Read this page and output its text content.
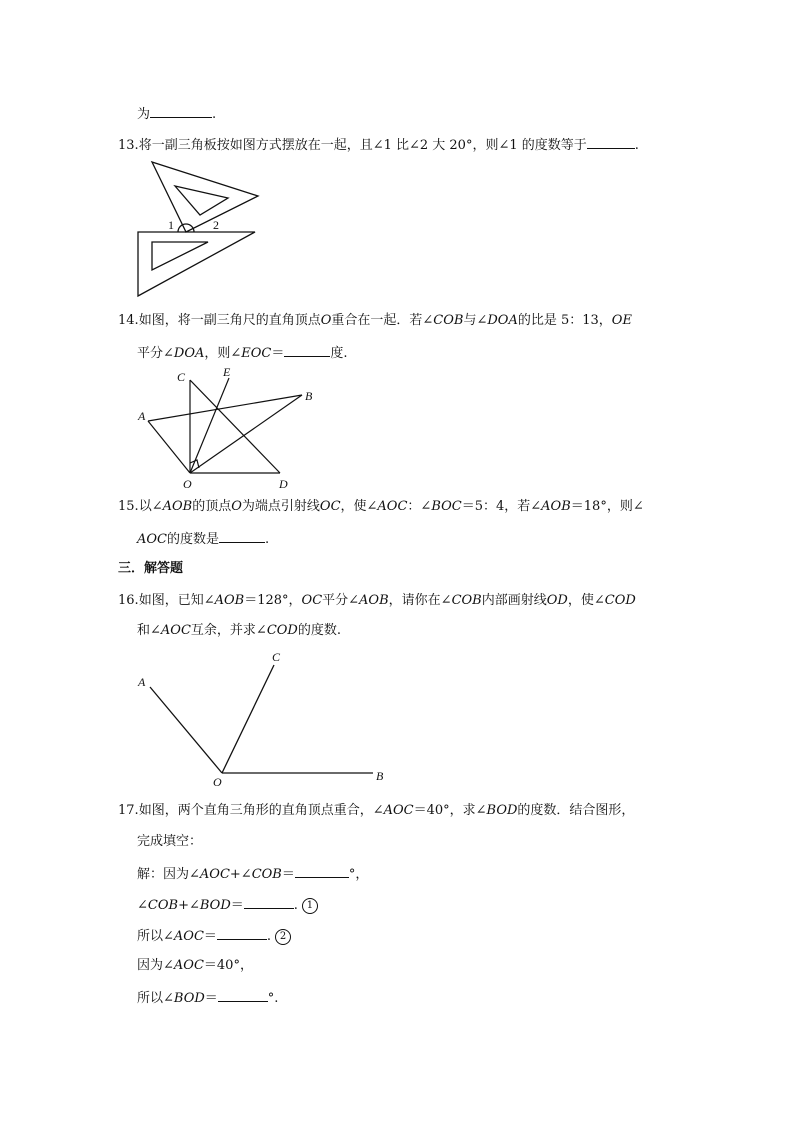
为	.
13.将一副三角板按如图方式摆放在一起，且∠1 比∠2 大 20°，则∠1 的度数等于	.
1	2
14.如图，将一副三角尺的直角顶点O重合在一起．若∠COB与∠DOA的比是 5：13，OE
平分∠DOA，则∠EOC＝	度.
C	E
A
B
O	D
15.以∠AOB的顶点O为端点引射线OC，使∠AOC：∠BOC＝5：4，若∠AOB＝18°，则∠
AOC的度数是	.
三．解答题
16.如图，已知∠AOB＝128°，OC平分∠AOB，请你在∠COB内部画射线OD，使∠COD
和∠AOC互余，并求∠COD的度数.
A
C
O	B
17.如图，两个直角三角形的直角顶点重合，∠AOC＝40°，求∠BOD的度数．结合图形，
完成填空：
解：因为∠AOC+∠COB＝	°，
∠COB+∠BOD＝	. 1
所以∠AOC＝	. 2
因为∠AOC＝40°，
所以∠BOD＝	°.
